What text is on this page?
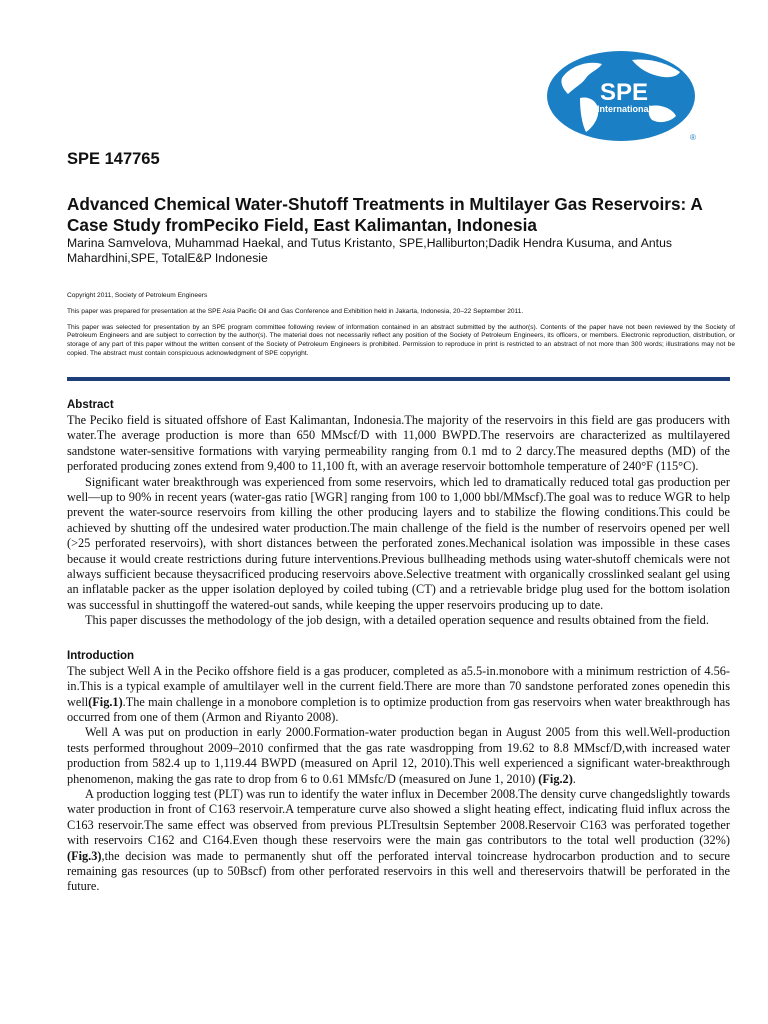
SPE
International
®
SPE 147765
Advanced Chemical Water-Shutoff Treatments in Multilayer Gas Reservoirs: A Case Study fromPeciko Field, East Kalimantan, Indonesia
Marina Samvelova, Muhammad Haekal, and Tutus Kristanto, SPE,Halliburton;Dadik Hendra Kusuma, and Antus Mahardhini,SPE, TotalE&P Indonesie

Copyright 2011, Society of Petroleum Engineers

This paper was prepared for presentation at the SPE Asia Pacific Oil and Gas Conference and Exhibition held in Jakarta, Indonesia, 20–22 September 2011.

This paper was selected for presentation by an SPE program committee following review of information contained in an abstract submitted by the author(s). Contents of the paper have not been reviewed by the Society of Petroleum Engineers and are subject to correction by the author(s). The material does not necessarily reflect any position of the Society of Petroleum Engineers, its officers, or members. Electronic reproduction, distribution, or storage of any part of this paper without the written consent of the Society of Petroleum Engineers is prohibited. Permission to reproduce in print is restricted to an abstract of not more than 300 words; illustrations may not be copied. The abstract must contain conspicuous acknowledgment of SPE copyright.

Abstract

The Peciko field is situated offshore of East Kalimantan, Indonesia.The majority of the reservoirs in this field are gas producers with water.The average production is more than 650 MMscf/D with 11,000 BWPD.The reservoirs are characterized as multilayered sandstone water-sensitive formations with varying permeability ranging from 0.1 md to 2 darcy.The measured depths (MD) of the perforated producing zones extend from 9,400 to 11,100 ft, with an average reservoir bottomhole temperature of 240°F (115°C).

Significant water breakthrough was experienced from some reservoirs, which led to dramatically reduced total gas production per well—up to 90% in recent years (water-gas ratio [WGR] ranging from 100 to 1,000 bbl/MMscf).The goal was to reduce WGR to help prevent the water-source reservoirs from killing the other producing layers and to stabilize the flowing conditions.This could be achieved by shutting off the undesired water production.The main challenge of the field is the number of reservoirs opened per well (>25 perforated reservoirs), with short distances between the perforated zones.Mechanical isolation was impossible in these cases because it would create restrictions during future interventions.Previous bullheading methods using water-shutoff chemicals were not always sufficient because theysacrificed producing reservoirs above.Selective treatment with organically crosslinked sealant gel using an inflatable packer as the upper isolation deployed by coiled tubing (CT) and a retrievable bridge plug used for the bottom isolation was successful in shuttingoff the watered-out sands, while keeping the upper reservoirs producing up to date.

This paper discusses the methodology of the job design, with a detailed operation sequence and results obtained from the field.

Introduction

The subject Well A in the Peciko offshore field is a gas producer, completed as a5.5-in.monobore with a minimum restriction of 4.56-in.This is a typical example of amultilayer well in the current field.There are more than 70 sandstone perforated zones openedin this well(Fig.1).The main challenge in a monobore completion is to optimize production from gas reservoirs when water breakthrough has occurred from one of them (Armon and Riyanto 2008).

Well A was put on production in early 2000.Formation-water production began in August 2005 from this well.Well-production tests performed throughout 2009–2010 confirmed that the gas rate wasdropping from 19.62 to 8.8 MMscf/D,with increased water production from 582.4 up to 1,119.44 BWPD (measured on April 12, 2010).This well experienced a significant water-breakthrough phenomenon, making the gas rate to drop from 6 to 0.61 MMsfc/D (measured on June 1, 2010) (Fig.2).

A production logging test (PLT) was run to identify the water influx in December 2008.The density curve changedslightly towards water production in front of C163 reservoir.A temperature curve also showed a slight heating effect, indicating fluid influx across the C163 reservoir.The same effect was observed from previous PLTresultsin September 2008.Reservoir C163 was perforated together with reservoirs C162 and C164.Even though these reservoirs were the main gas contributors to the total well production (32%) (Fig.3),the decision was made to permanently shut off the perforated interval toincrease hydrocarbon production and to secure remaining gas resources (up to 50Bscf) from other perforated reservoirs in this well and thereservoirs thatwill be perforated in the future.
